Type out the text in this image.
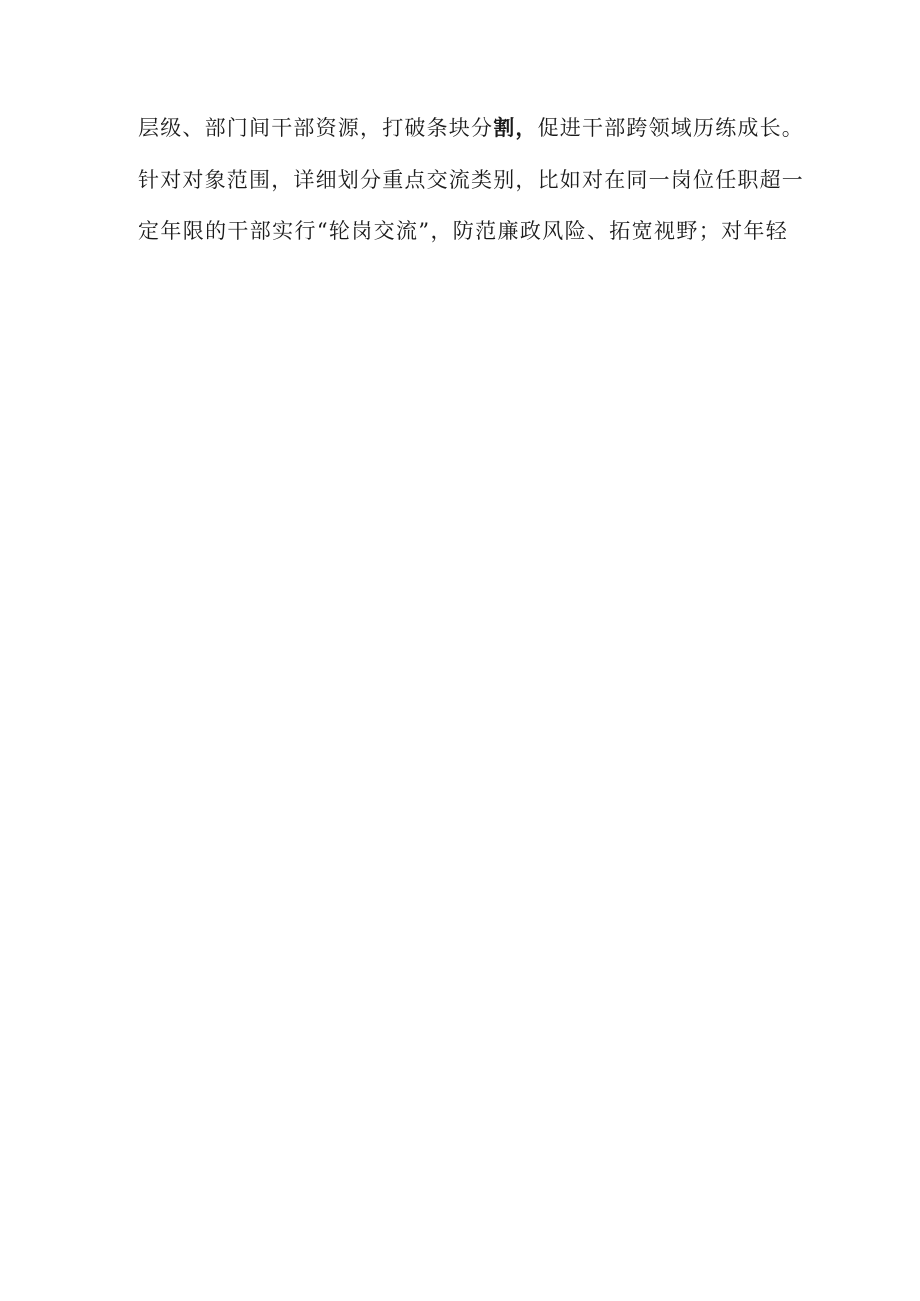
层级、部门间干部资源，打破条块分割，促进干部跨领域历练成长。
针对对象范围，详细划分重点交流类别，比如对在同一岗位任职超一
定年限的干部实行“轮岗交流”，防范廉政风险、拓宽视野；对年轻
